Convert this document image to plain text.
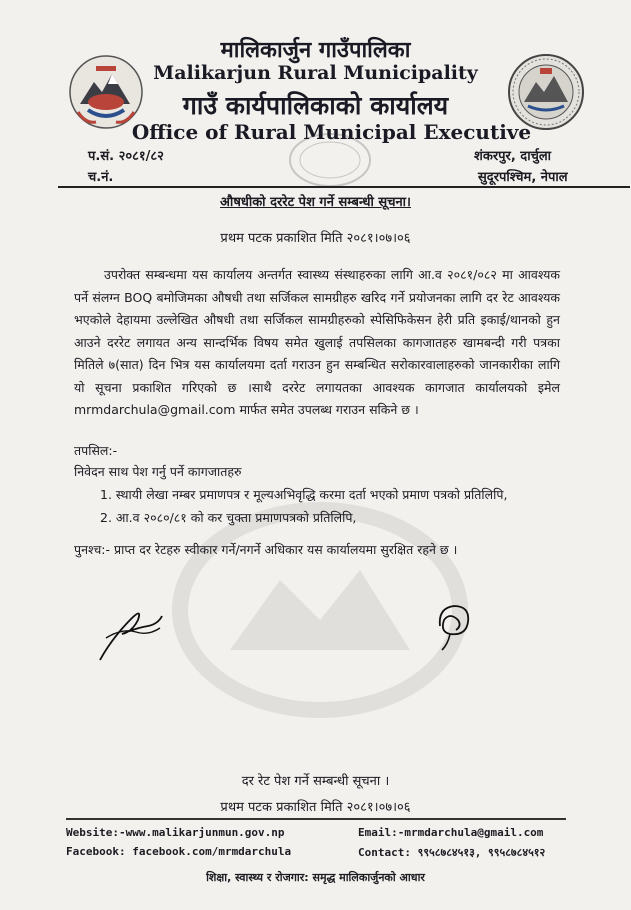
मालिकार्जुन गाउँपालिका
Malikarjun Rural Municipality
गाउँ कार्यपालिकाको कार्यालय
Office of Rural Municipal Executive
प.सं. २०८१/८२
च.नं.
शंकरपुर, दार्चुला
सुदूरपश्चिम, नेपाल
औषधीको दररेट पेश गर्ने सम्बन्धी सूचना।
प्रथम पटक प्रकाशित मिति २०८१।०७।०६
उपरोक्त सम्बन्धमा यस कार्यालय अन्तर्गत स्वास्थ्य संस्थाहरुका लागि आ.व २०८१/०८२ मा आवश्यक पर्ने संलग्न BOQ बमोजिमका औषधी तथा सर्जिकल सामग्रीहरु खरिद गर्ने प्रयोजनका लागि दर रेट आवश्यक भएकोले देहायमा उल्लेखित औषधी तथा सर्जिकल सामग्रीहरुको स्पेसिफिकेसन हेरी प्रति इकाई/थानको हुन आउने दररेट लगायत अन्य सान्दर्भिक विषय समेत खुलाई तपसिलका कागजातहरु खामबन्दी गरी पत्रका मितिले ७(सात) दिन भित्र यस कार्यालयमा दर्ता गराउन हुन सम्बन्धित सरोकारवालाहरुको जानकारीका लागि यो सूचना प्रकाशित गरिएको छ ।साथै दररेट लगायतका आवश्यक कागजात कार्यालयको इमेल mrmdarchula@gmail.com मार्फत समेत उपलब्ध गराउन सकिने छ ।
तपसिल:-
निवेदन साथ पेश गर्नु पर्ने कागजातहरु
1. स्थायी लेखा नम्बर प्रमाणपत्र र मूल्यअभिवृद्धि करमा दर्ता भएको प्रमाण पत्रको प्रतिलिपि,
2. आ.व २०८०/८१ को कर चुक्ता प्रमाणपत्रको प्रतिलिपि,
पुनश्च:- प्राप्त दर रेटहरु स्वीकार गर्ने/नगर्ने अधिकार यस कार्यालयमा सुरक्षित रहने छ ।
दर रेट पेश गर्ने सम्बन्धी सूचना ।
प्रथम पटक प्रकाशित मिति २०८१।०७।०६
Website:-www.malikarjunmun.gov.np
Facebook: facebook.com/mrmdarchula
Email:-mrmdarchula@gmail.com
Contact: ९९५८७८४५१३, ९९५८७८४५१२
शिक्षा, स्वास्थ्य र रोजगार: समृद्ध मालिकार्जुनको आधार
